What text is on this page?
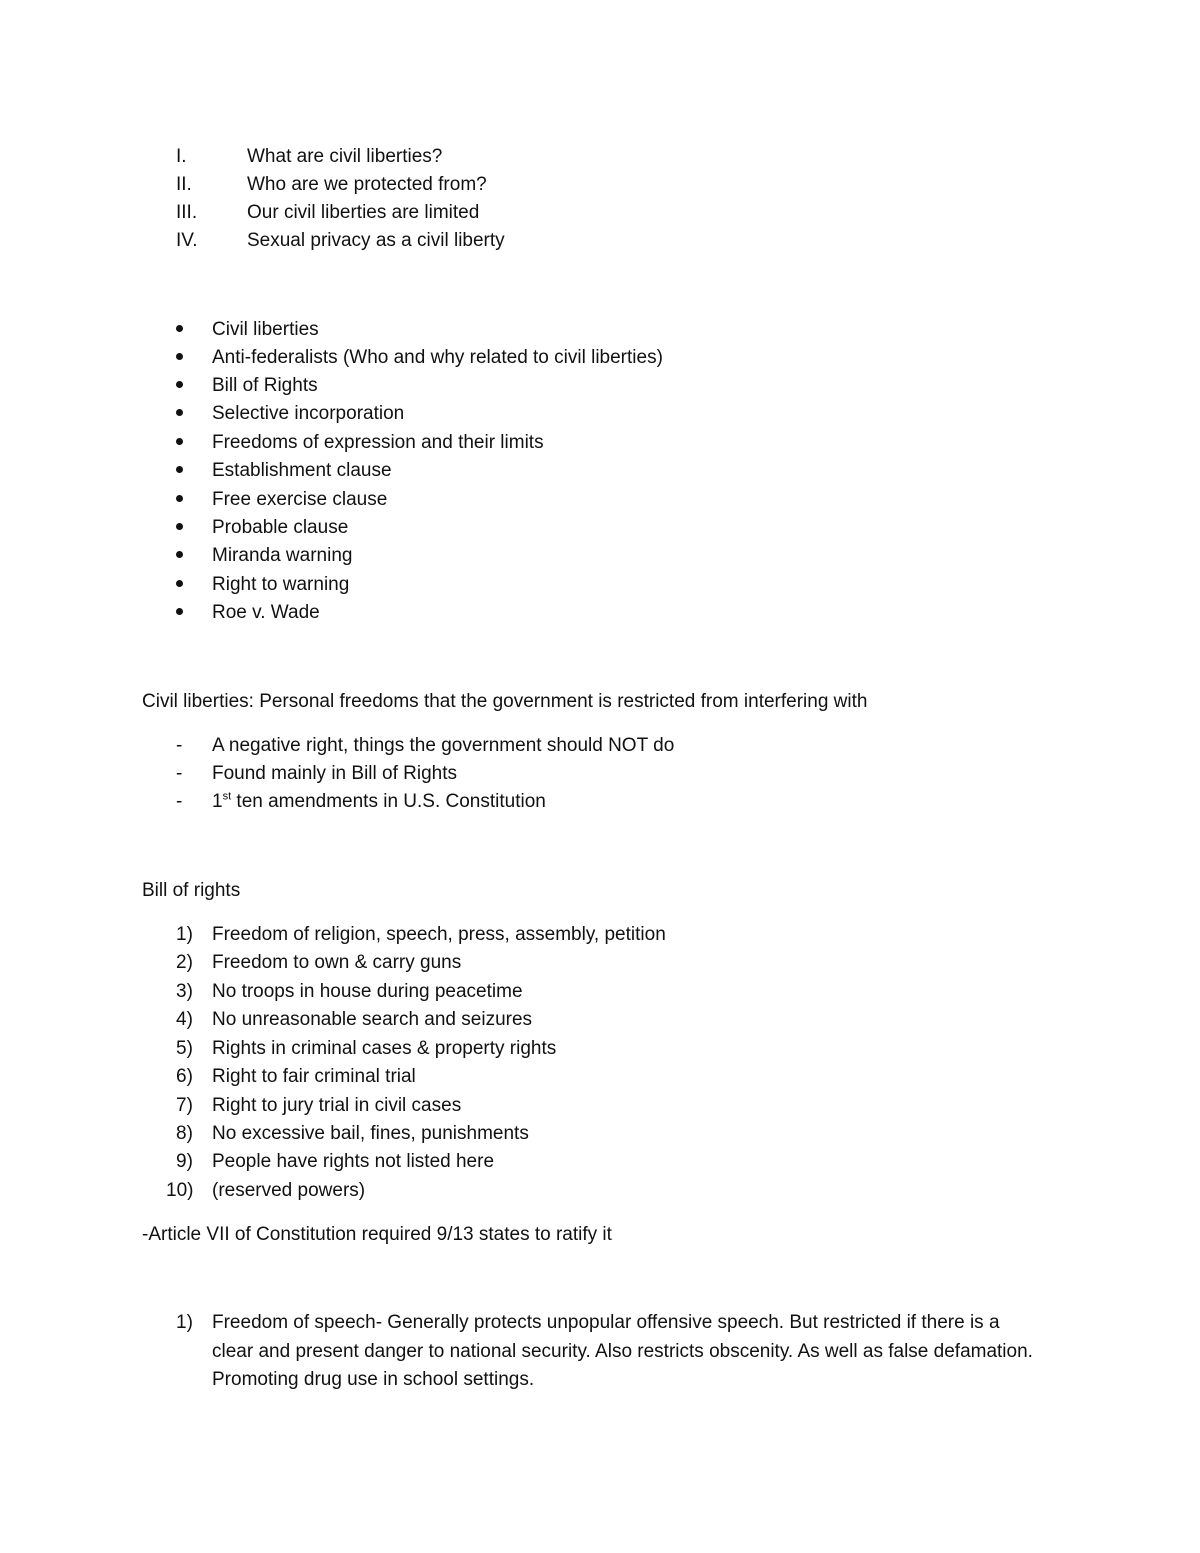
I.	What are civil liberties?
II.	Who are we protected from?
III.	Our civil liberties are limited
IV.	Sexual privacy as a civil liberty
Civil liberties
Anti-federalists (Who and why related to civil liberties)
Bill of Rights
Selective incorporation
Freedoms of expression and their limits
Establishment clause
Free exercise clause
Probable clause
Miranda warning
Right to warning
Roe v. Wade
Civil liberties: Personal freedoms that the government is restricted from interfering with
- A negative right, things the government should NOT do
- Found mainly in Bill of Rights
- 1st ten amendments in U.S. Constitution
Bill of rights
1) Freedom of religion, speech, press, assembly, petition
2) Freedom to own & carry guns
3) No troops in house during peacetime
4) No unreasonable search and seizures
5) Rights in criminal cases & property rights
6) Right to fair criminal trial
7) Right to jury trial in civil cases
8) No excessive bail, fines, punishments
9) People have rights not listed here
10) (reserved powers)
-Article VII of Constitution required 9/13 states to ratify it
1) Freedom of speech- Generally protects unpopular offensive speech. But restricted if there is a clear and present danger to national security. Also restricts obscenity. As well as false defamation. Promoting drug use in school settings.
